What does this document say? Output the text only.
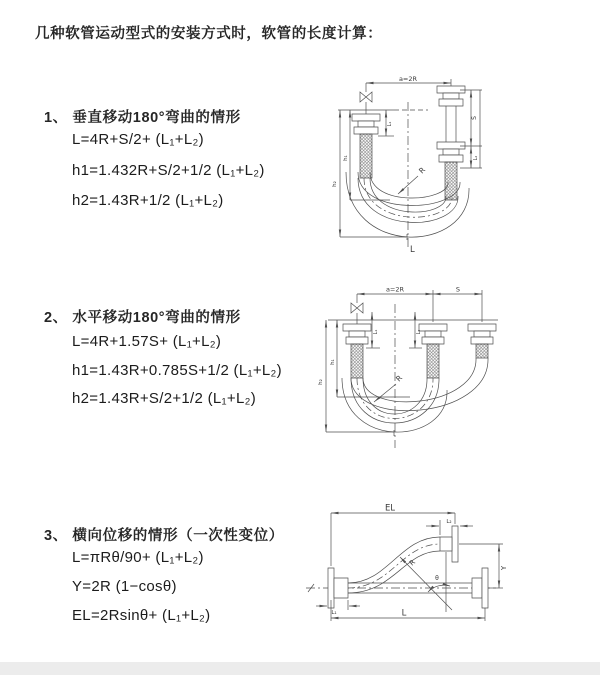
几种软管运动型式的安装方式时，软管的长度计算：
1、 垂直移动180°弯曲的情形
L=4R+S/2+ (L₁+L₂)
h1=1.432R+S/2+1/2 (L₁+L₂)
h2=1.43R+1/2 (L₁+L₂)
2、 水平移动180°弯曲的情形
L=4R+1.57S+ (L₁+L₂)
h1=1.43R+0.785S+1/2 (L₁+L₂)
h2=1.43R+S/2+1/2 (L₁+L₂)
3、 横向位移的情形（一次性变位）
L=πRθ/90+ (L₁+L₂)
Y=2R (1−cosθ)
EL=2Rsinθ+ (L₁+L₂)
a=2R
S
L₂
L₁
h₁
h₂
R
L
a=2R	S
L₁	L₂
h₁
h₂	R
EL
L₂
R
θ
Y
L
L₁
